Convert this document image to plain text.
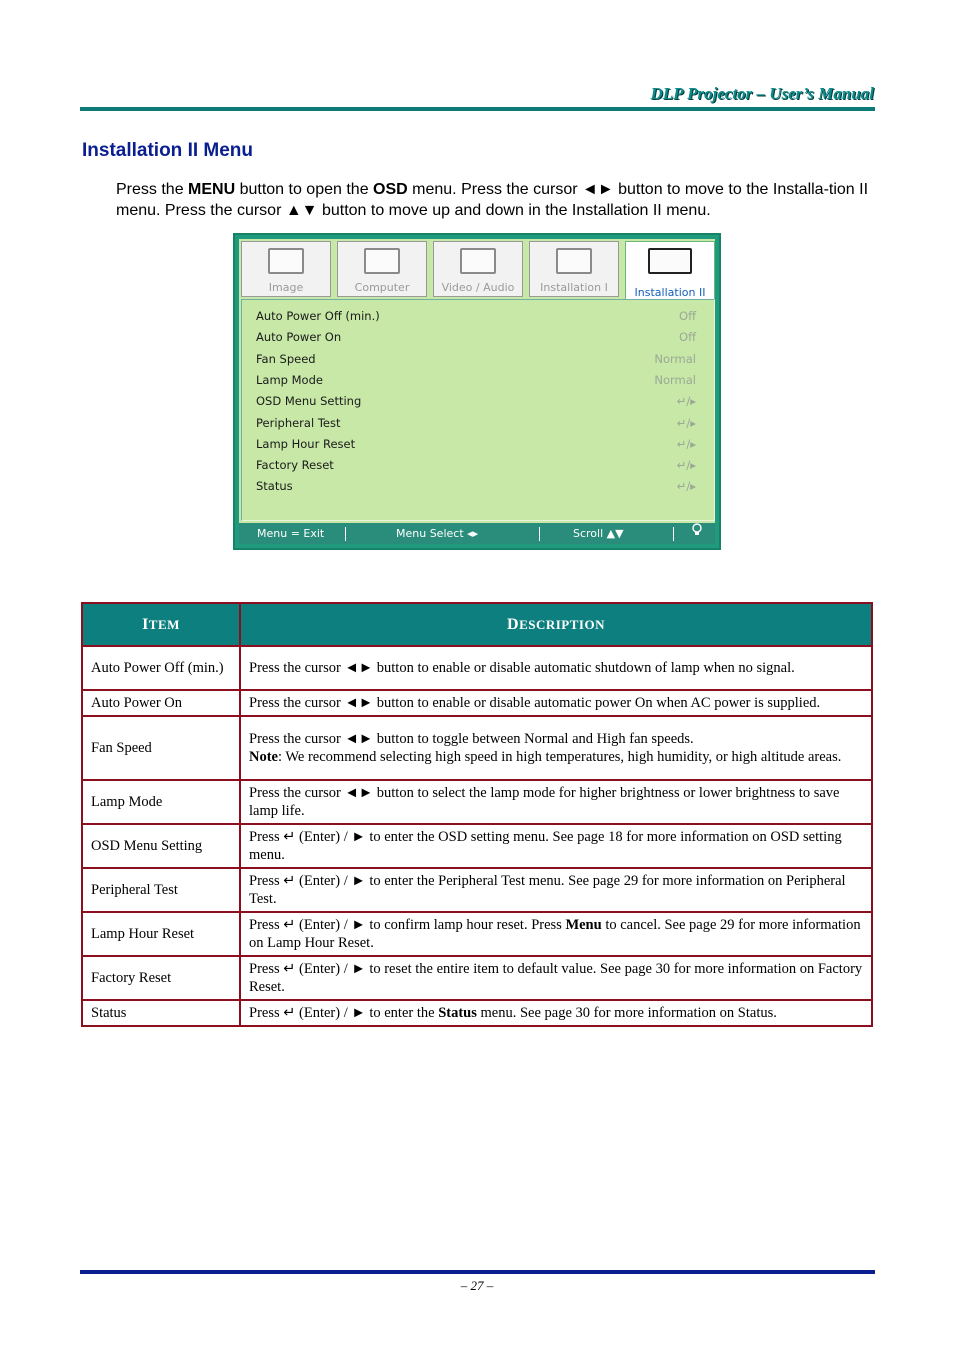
DLP Projector – User’s Manual
Installation II Menu
Press the MENU button to open the OSD menu. Press the cursor ◄► button to move to the Installa-tion II menu. Press the cursor ▲▼ button to move up and down in the Installation II menu.
Image	Computer	Video / Audio	Installation I	Installation II
Auto Power Off (min.)	Off
Auto Power On	Off
Fan Speed	Normal
Lamp Mode	Normal
OSD Menu Setting	↵/▸
Peripheral Test	↵/▸
Lamp Hour Reset	↵/▸
Factory Reset	↵/▸
Status	↵/▸
Menu = Exit	Menu Select ◂▸	Scroll ▲▼
ITEM	DESCRIPTION
Auto Power Off (min.)	Press the cursor ◄► button to enable or disable automatic shutdown of lamp when no signal.
Auto Power On	Press the cursor ◄► button to enable or disable automatic power On when AC power is supplied.
Fan Speed	Press the cursor ◄► button to toggle between Normal and High fan speeds.
Note: We recommend selecting high speed in high temperatures, high humidity, or high altitude areas.
Lamp Mode	Press the cursor ◄► button to select the lamp mode for higher brightness or lower brightness to save lamp life.
OSD Menu Setting	Press ↵ (Enter) / ► to enter the OSD setting menu. See page 18 for more information on OSD setting menu.
Peripheral Test	Press ↵ (Enter) / ► to enter the Peripheral Test menu. See page 29 for more information on Peripheral Test.
Lamp Hour Reset	Press ↵ (Enter) / ► to confirm lamp hour reset. Press Menu to cancel. See page 29 for more information on Lamp Hour Reset.
Factory Reset	Press ↵ (Enter) / ► to reset the entire item to default value. See page 30 for more information on Factory Reset.
Status	Press ↵ (Enter) / ► to enter the Status menu. See page 30 for more information on Status.
– 27 –
